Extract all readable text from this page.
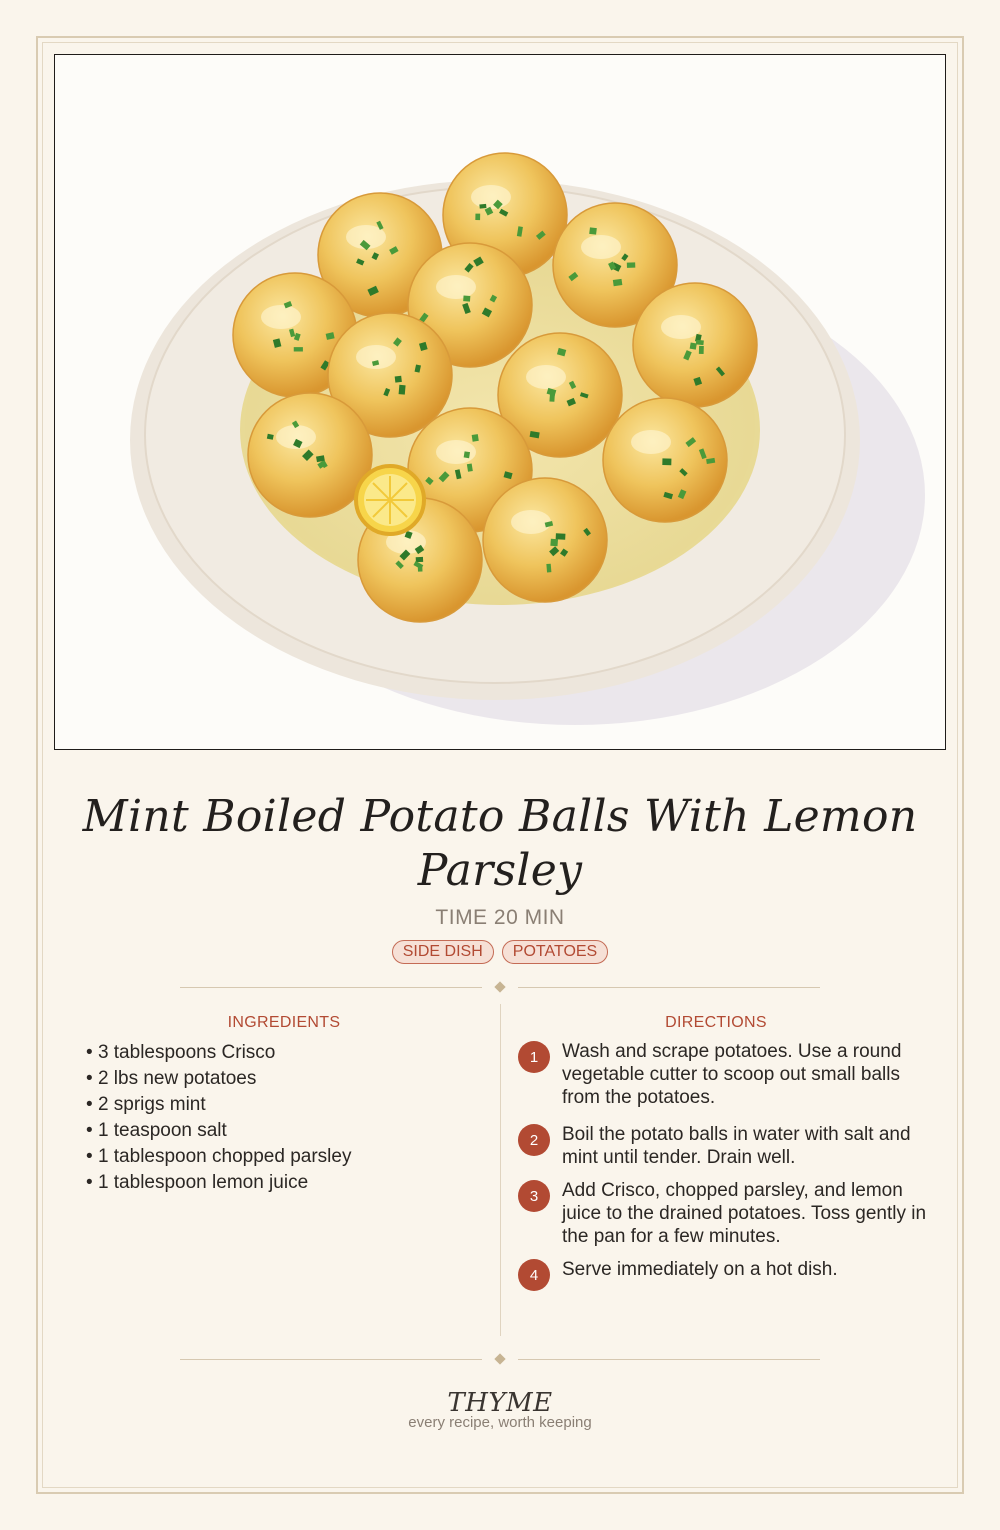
Mint Boiled Potato Balls With Lemon Parsley
TIME 20 MIN
SIDE DISH	POTATOES
INGREDIENTS	DIRECTIONS
• 3 tablespoons Crisco
• 2 lbs new potatoes
• 2 sprigs mint
• 1 teaspoon salt
• 1 tablespoon chopped parsley
• 1 tablespoon lemon juice
1	Wash and scrape potatoes. Use a round vegetable cutter to scoop out small balls from the potatoes.
2	Boil the potato balls in water with salt and mint until tender. Drain well.
3	Add Crisco, chopped parsley, and lemon juice to the drained potatoes. Toss gently in the pan for a few minutes.
4	Serve immediately on a hot dish.
THYME
every recipe, worth keeping
